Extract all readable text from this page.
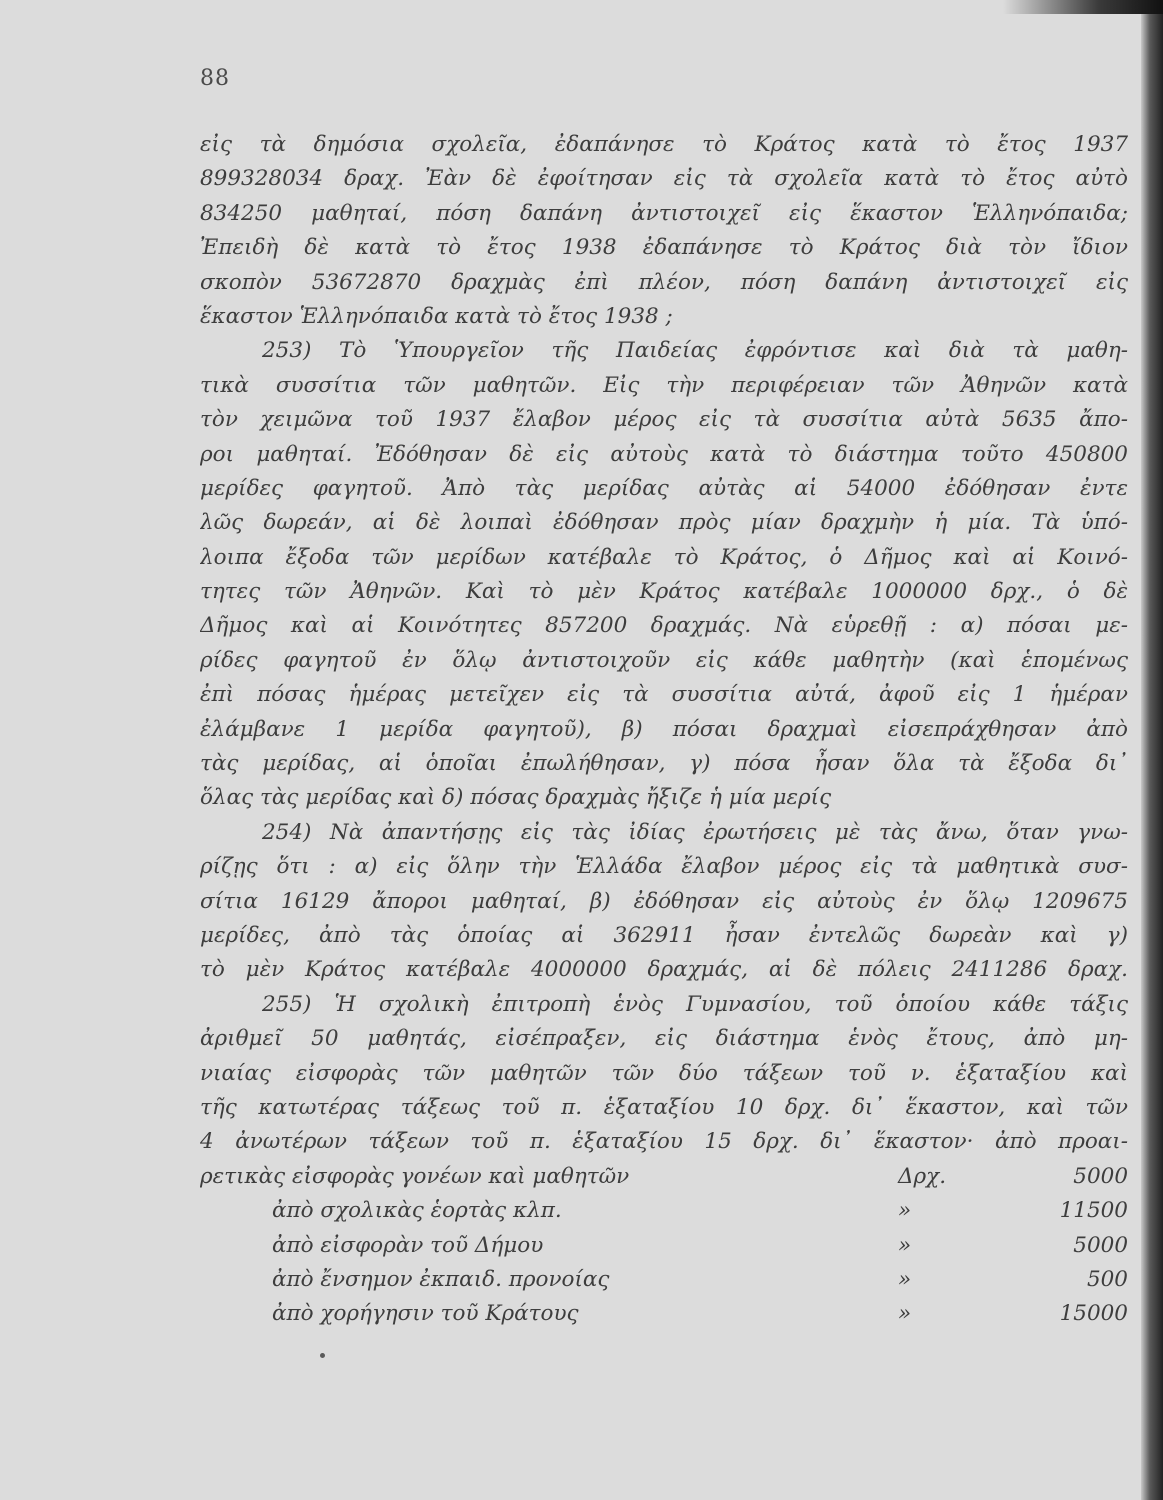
88
εἰς τὰ δημόσια σχολεῖα, ἐδαπάνησε τὸ Κράτος κατὰ τὸ ἔτος 1937
899328034 δραχ. Ἐὰν δὲ ἐφοίτησαν εἰς τὰ σχολεῖα κατὰ τὸ ἔτος αὐτὸ
834250 μαθηταί, πόση δαπάνη ἀντιστοιχεῖ εἰς ἕκαστον Ἑλληνόπαιδα;
Ἐπειδὴ δὲ κατὰ τὸ ἔτος 1938 ἐδαπάνησε τὸ Κράτος διὰ τὸν ἴδιον
σκοπὸν 53672870 δραχμὰς ἐπὶ πλέον, πόση δαπάνη ἀντιστοιχεῖ εἰς
ἕκαστον Ἑλληνόπαιδα κατὰ τὸ ἔτος 1938 ;
253) Τὸ Ὑπουργεῖον τῆς Παιδείας ἐφρόντισε καὶ διὰ τὰ μαθη-
τικὰ συσσίτια τῶν μαθητῶν. Εἰς τὴν περιφέρειαν τῶν Ἀθηνῶν κατὰ
τὸν χειμῶνα τοῦ 1937 ἔλαβον μέρος εἰς τὰ συσσίτια αὐτὰ 5635 ἄπο-
ροι μαθηταί. Ἐδόθησαν δὲ εἰς αὐτοὺς κατὰ τὸ διάστημα τοῦτο 450800
μερίδες φαγητοῦ. Ἀπὸ τὰς μερίδας αὐτὰς αἱ 54000 ἐδόθησαν ἐντε
λῶς δωρεάν, αἱ δὲ λοιπαὶ ἐδόθησαν πρὸς μίαν δραχμὴν ἡ μία. Τὰ ὑπό-
λοιπα ἔξοδα τῶν μερίδων κατέβαλε τὸ Κράτος, ὁ Δῆμος καὶ αἱ Κοινό-
τητες τῶν Ἀθηνῶν. Καὶ τὸ μὲν Κράτος κατέβαλε 1000000 δρχ., ὁ δὲ
Δῆμος καὶ αἱ Κοινότητες 857200 δραχμάς. Νὰ εὑρεθῇ : α) πόσαι με-
ρίδες φαγητοῦ ἐν ὅλῳ ἀντιστοιχοῦν εἰς κάθε μαθητὴν (καὶ ἑπομένως
ἐπὶ πόσας ἡμέρας μετεῖχεν εἰς τὰ συσσίτια αὐτά, ἀφοῦ εἰς 1 ἡμέραν
ἐλάμβανε 1 μερίδα φαγητοῦ), β) πόσαι δραχμαὶ εἰσεπράχθησαν ἀπὸ
τὰς μερίδας, αἱ ὁποῖαι ἐπωλήθησαν, γ) πόσα ἦσαν ὅλα τὰ ἔξοδα δι᾽
ὅλας τὰς μερίδας καὶ δ) πόσας δραχμὰς ἤξιζε ἡ μία μερίς
254) Νὰ ἀπαντήσῃς εἰς τὰς ἰδίας ἐρωτήσεις μὲ τὰς ἄνω, ὅταν γνω-
ρίζῃς ὅτι : α) εἰς ὅλην τὴν Ἑλλάδα ἔλαβον μέρος εἰς τὰ μαθητικὰ συσ-
σίτια 16129 ἄποροι μαθηταί, β) ἐδόθησαν εἰς αὐτοὺς ἐν ὅλῳ 1209675
μερίδες, ἀπὸ τὰς ὁποίας αἱ 362911 ἦσαν ἐντελῶς δωρεὰν καὶ γ)
τὸ μὲν Κράτος κατέβαλε 4000000 δραχμάς, αἱ δὲ πόλεις 2411286 δραχ.
255) Ἡ σχολικὴ ἐπιτροπὴ ἑνὸς Γυμνασίου, τοῦ ὁποίου κάθε τάξις
ἀριθμεῖ 50 μαθητάς, εἰσέπραξεν, εἰς διάστημα ἑνὸς ἔτους, ἀπὸ μη-
νιαίας εἰσφορὰς τῶν μαθητῶν τῶν δύο τάξεων τοῦ ν. ἑξαταξίου καὶ
τῆς κατωτέρας τάξεως τοῦ π. ἑξαταξίου 10 δρχ. δι᾽ ἕκαστον, καὶ τῶν
4 ἀνωτέρων τάξεων τοῦ π. ἑξαταξίου 15 δρχ. δι᾽ ἕκαστον· ἀπὸ προαι-
ρετικὰς εἰσφορὰς γονέων καὶ μαθητῶν	Δρχ.	5000
ἀπὸ σχολικὰς ἑορτὰς κλπ.	»	11500
ἀπὸ εἰσφορὰν τοῦ Δήμου	»	5000
ἀπὸ ἔνσημον ἐκπαιδ. προνοίας	»	500
ἀπὸ χορήγησιν τοῦ Κράτους	»	15000
